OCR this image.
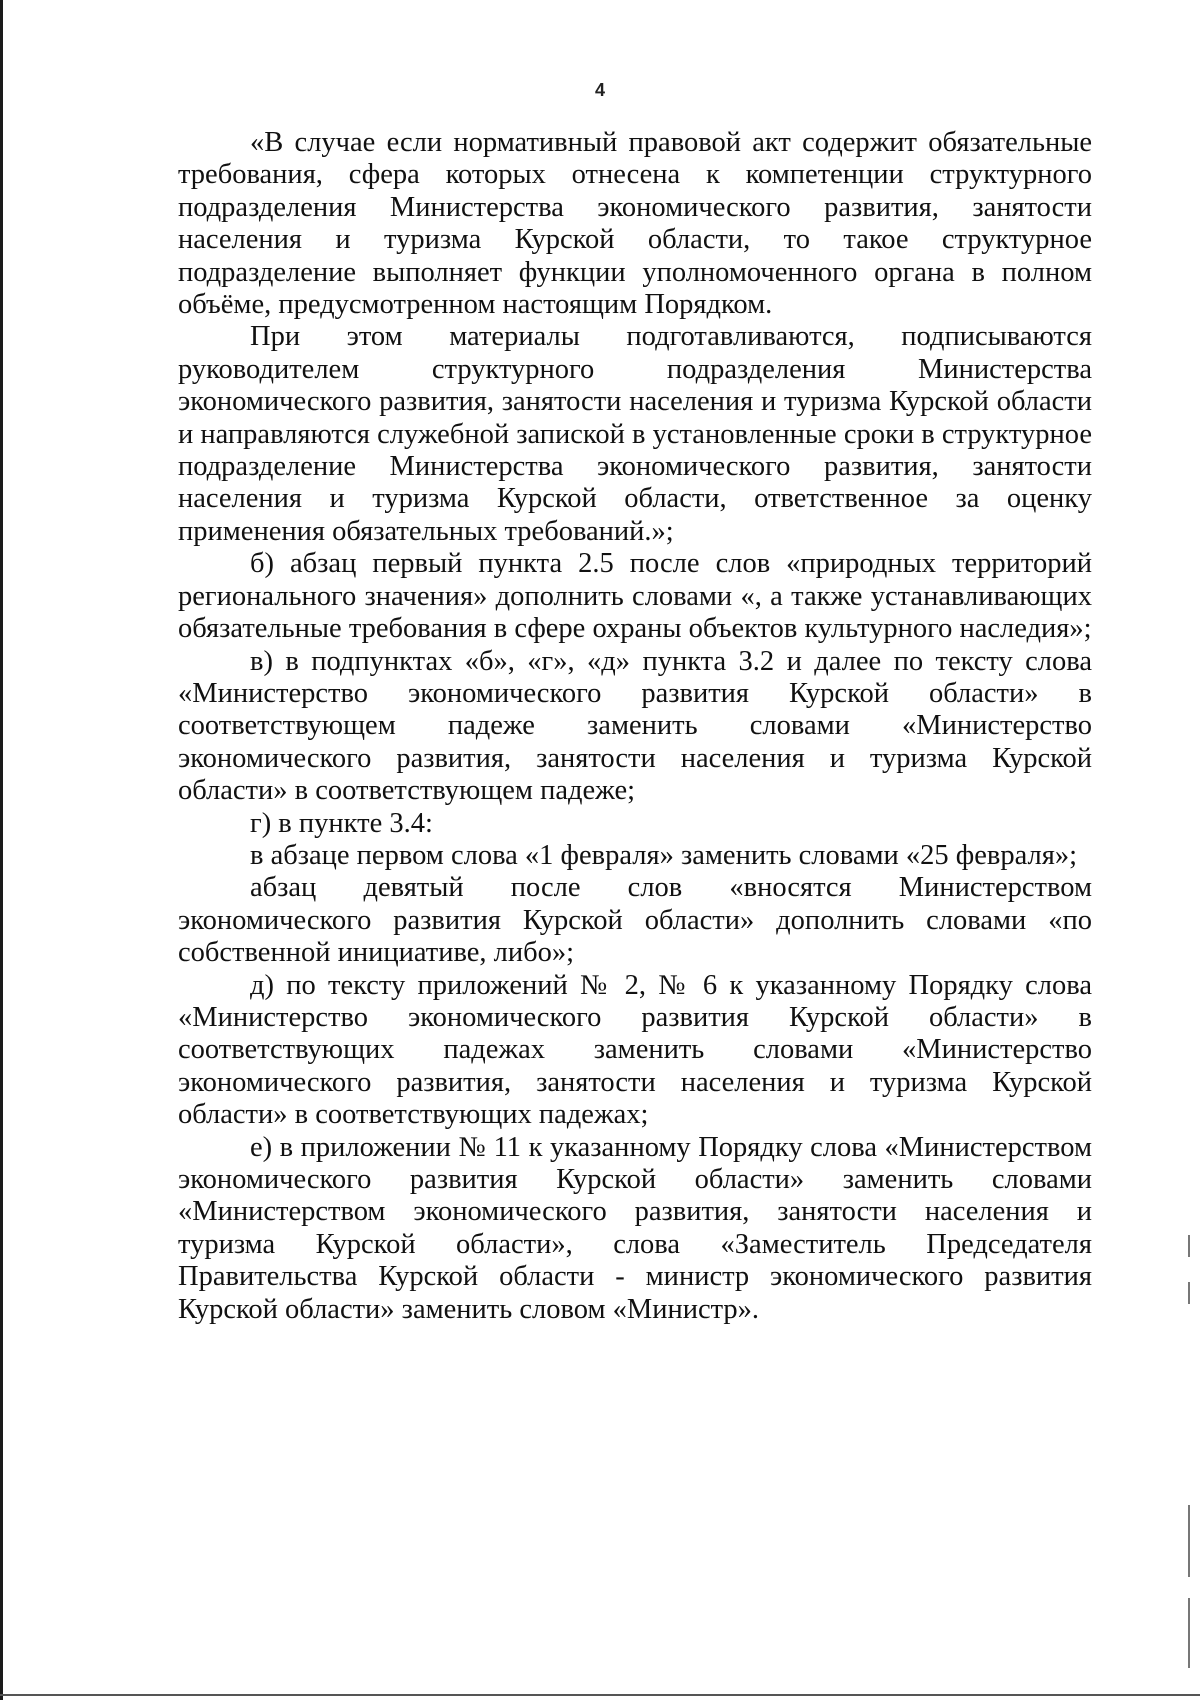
4

«В случае если нормативный правовой акт содержит обязательные требования, сфера которых отнесена к компетенции структурного подразделения Министерства экономического развития, занятости населения и туризма Курской области, то такое структурное подразделение выполняет функции уполномоченного органа в полном объёме, предусмотренном настоящим Порядком.

При этом материалы подготавливаются, подписываются руководителем структурного подразделения Министерства экономического развития, занятости населения и туризма Курской области и направляются служебной запиской в установленные сроки в структурное подразделение Министерства экономического развития, занятости населения и туризма Курской области, ответственное за оценку применения обязательных требований.»;

б) абзац первый пункта 2.5 после слов «природных территорий регионального значения» дополнить словами «, а также устанавливающих обязательные требования в сфере охраны объектов культурного наследия»;

в) в подпунктах «б», «г», «д» пункта 3.2 и далее по тексту слова «Министерство экономического развития Курской области» в соответствующем падеже заменить словами «Министерство экономического развития, занятости населения и туризма Курской области» в соответствующем падеже;

г) в пункте 3.4:

в абзаце первом слова «1 февраля» заменить словами «25 февраля»;

абзац девятый после слов «вносятся Министерством экономического развития Курской области» дополнить словами «по собственной инициативе, либо»;

д) по тексту приложений № 2, № 6 к указанному Порядку слова «Министерство экономического развития Курской области» в соответствующих падежах заменить словами «Министерство экономического развития, занятости населения и туризма Курской области» в соответствующих падежах;

е) в приложении № 11 к указанному Порядку слова «Министерством экономического развития Курской области» заменить словами «Министерством экономического развития, занятости населения и туризма Курской области», слова «Заместитель Председателя Правительства Курской области - министр экономического развития Курской области» заменить словом «Министр».
